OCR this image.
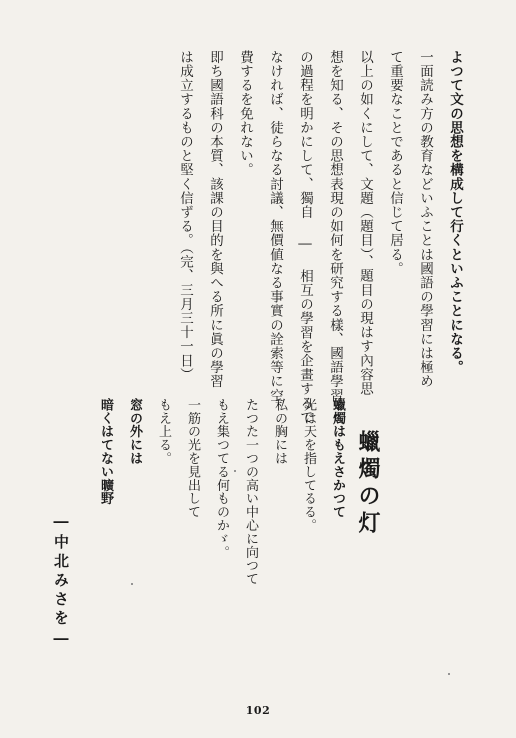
よつて文の思想を構成して行くといふことになる。
一面読み方の教育などいふことは國語の學習には極め
て重要なことであると信じて居る。
以上の如くにして、文題（題目）、題目の現はす內容思
想を知る、その思想表現の如何を研究する樣、國語學習
の過程を明かにして、獨自 ― 相互の學習を企畫するで
なければ、徒らなる討議、無價値なる事實の詮索等に空
費するを免れない。
即ち國語科の本質、該課の目的を與へる所に眞の學習
は成立するものと堅く信ずる。（完、三月三十一日）
蠟燭の灯
蠟燭はもえさかつて
光は天を指してるる。
私の胸には
たつた一つの高い中心に向つて
もえ集つてる何ものかゞ。
一筋の光を見出して
もえ上る。
窓の外には
暗くはてない曠野
―中北みさを―
102
